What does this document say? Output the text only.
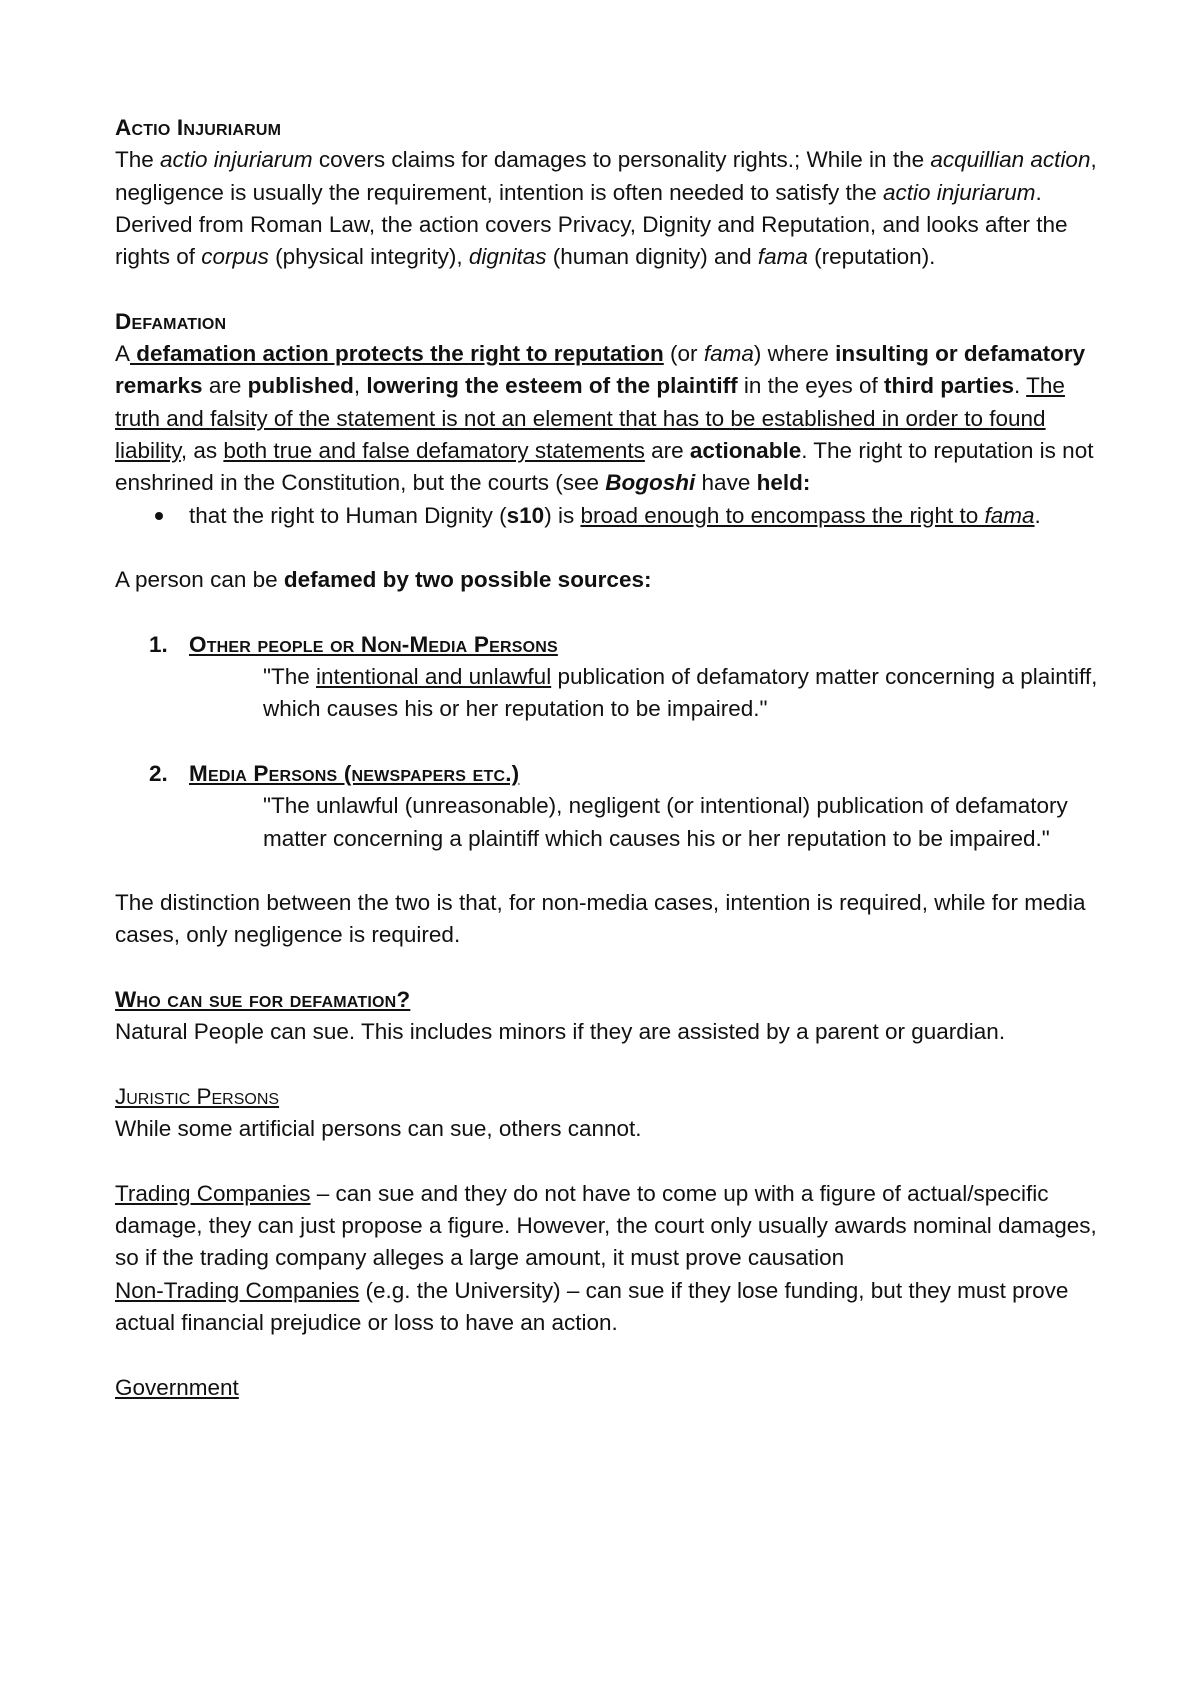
Actio Injuriarum

The actio injuriarum covers claims for damages to personality rights.; While in the acquillian action, negligence is usually the requirement, intention is often needed to satisfy the actio injuriarum. Derived from Roman Law, the action covers Privacy, Dignity and Reputation, and looks after the rights of corpus (physical integrity), dignitas (human dignity) and fama (reputation).

Defamation

A defamation action protects the right to reputation (or fama) where insulting or defamatory remarks are published, lowering the esteem of the plaintiff in the eyes of third parties. The truth and falsity of the statement is not an element that has to be established in order to found liability, as both true and false defamatory statements are actionable. The right to reputation is not enshrined in the Constitution, but the courts (see Bogoshi have held:

that the right to Human Dignity (s10) is broad enough to encompass the right to fama.

A person can be defamed by two possible sources:

1. Other people or Non-Media Persons

"The intentional and unlawful publication of defamatory matter concerning a plaintiff, which causes his or her reputation to be impaired."

2. Media Persons (newspapers etc.)

"The unlawful (unreasonable), negligent (or intentional) publication of defamatory matter concerning a plaintiff which causes his or her reputation to be impaired."

The distinction between the two is that, for non-media cases, intention is required, while for media cases, only negligence is required.

Who can sue for defamation?

Natural People can sue. This includes minors if they are assisted by a parent or guardian.

Juristic Persons

While some artificial persons can sue, others cannot.

Trading Companies – can sue and they do not have to come up with a figure of actual/specific damage, they can just propose a figure. However, the court only usually awards nominal damages, so if the trading company alleges a large amount, it must prove causation

Non-Trading Companies (e.g. the University) – can sue if they lose funding, but they must prove actual financial prejudice or loss to have an action.

Government
